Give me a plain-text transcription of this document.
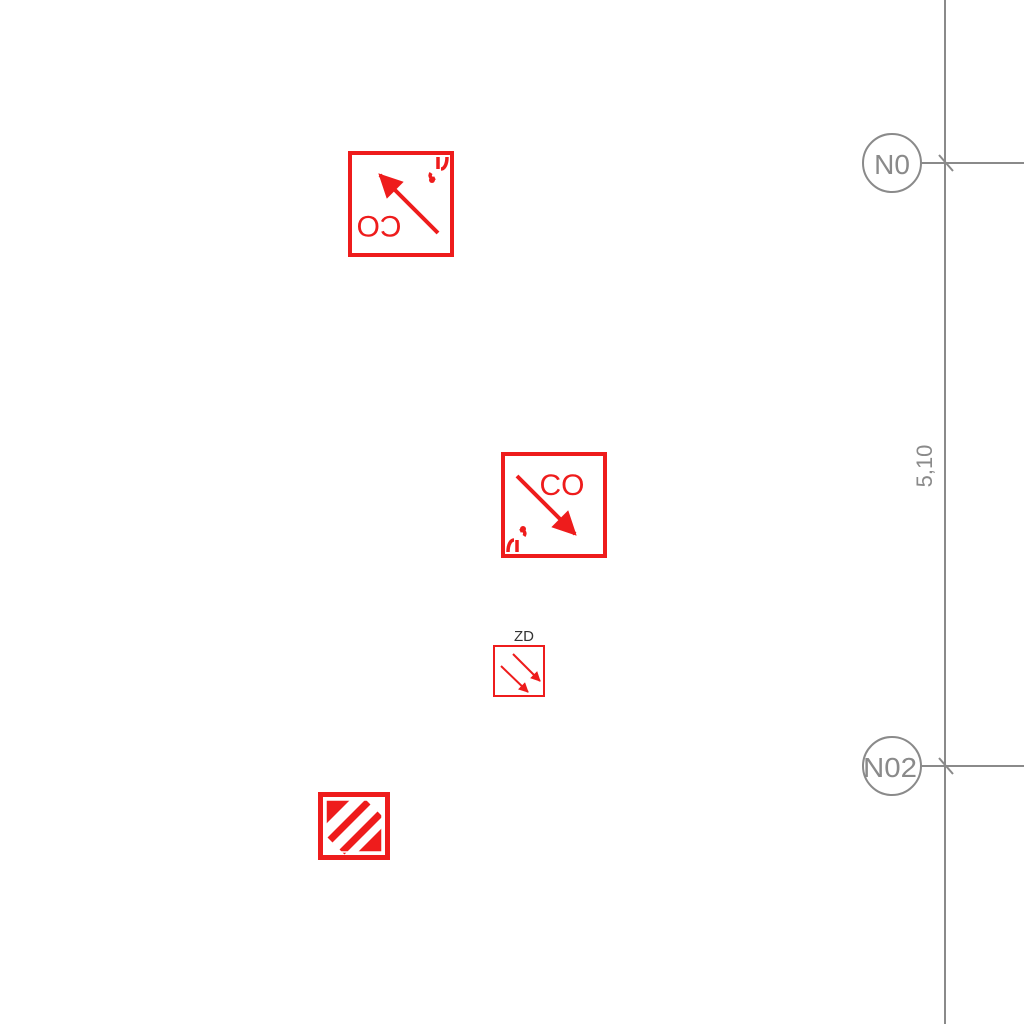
N0
N02
5,10
CO
CO
ZD
